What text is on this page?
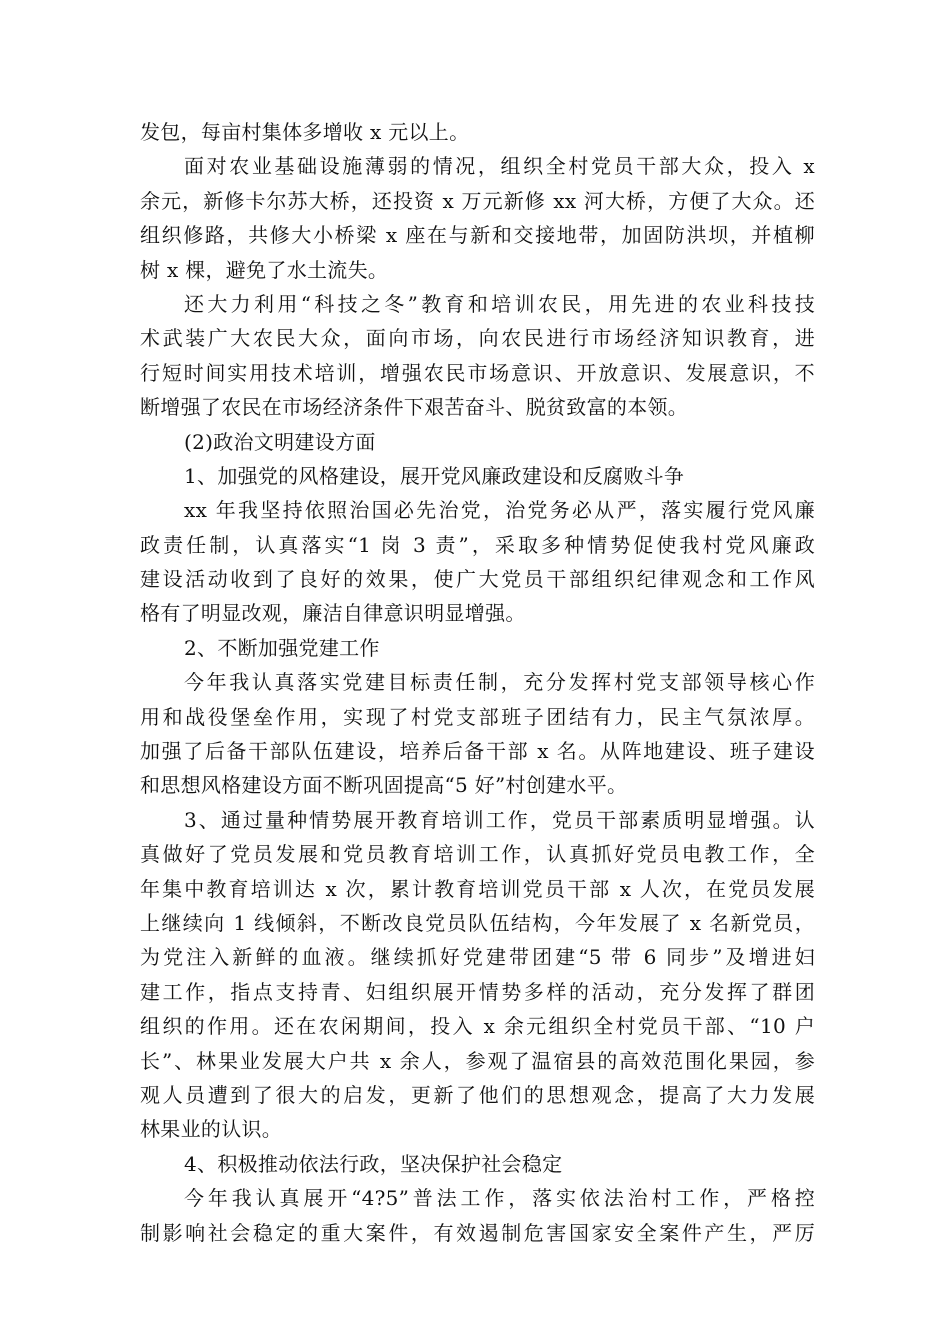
发包，每亩村集体多增收 x 元以上。
面对农业基础设施薄弱的情况，组织全村党员干部大众，投入 x
余元，新修卡尔苏大桥，还投资 x 万元新修 xx 河大桥，方便了大众。还
组织修路，共修大小桥梁 x 座在与新和交接地带，加固防洪坝，并植柳
树 x 棵，避免了水土流失。
还大力利用“科技之冬”教育和培训农民，用先进的农业科技技
术武装广大农民大众，面向市场，向农民进行市场经济知识教育，进
行短时间实用技术培训，增强农民市场意识、开放意识、发展意识，不
断增强了农民在市场经济条件下艰苦奋斗、脱贫致富的本领。
(2)政治文明建设方面
1、加强党的风格建设，展开党风廉政建设和反腐败斗争
xx 年我坚持依照治国必先治党，治党务必从严，落实履行党风廉
政责任制，认真落实“1 岗 3 责”，采取多种情势促使我村党风廉政
建设活动收到了良好的效果，使广大党员干部组织纪律观念和工作风
格有了明显改观，廉洁自律意识明显增强。
2、不断加强党建工作
今年我认真落实党建目标责任制，充分发挥村党支部领导核心作
用和战役堡垒作用，实现了村党支部班子团结有力，民主气氛浓厚。
加强了后备干部队伍建设，培养后备干部 x 名。从阵地建设、班子建设
和思想风格建设方面不断巩固提高“5 好”村创建水平。
3、通过量种情势展开教育培训工作，党员干部素质明显增强。认
真做好了党员发展和党员教育培训工作，认真抓好党员电教工作，全
年集中教育培训达 x 次，累计教育培训党员干部 x 人次，在党员发展
上继续向 1 线倾斜，不断改良党员队伍结构，今年发展了 x 名新党员，
为党注入新鲜的血液。继续抓好党建带团建“5 带 6 同步”及增进妇
建工作，指点支持青、妇组织展开情势多样的活动，充分发挥了群团
组织的作用。还在农闲期间，投入 x 余元组织全村党员干部、“10 户
长”、林果业发展大户共 x 余人，参观了温宿县的高效范围化果园，参
观人员遭到了很大的启发，更新了他们的思想观念，提高了大力发展
林果业的认识。
4、积极推动依法行政，坚决保护社会稳定
今年我认真展开“4?5”普法工作，落实依法治村工作，严格控
制影响社会稳定的重大案件，有效遏制危害国家安全案件产生，严厉
